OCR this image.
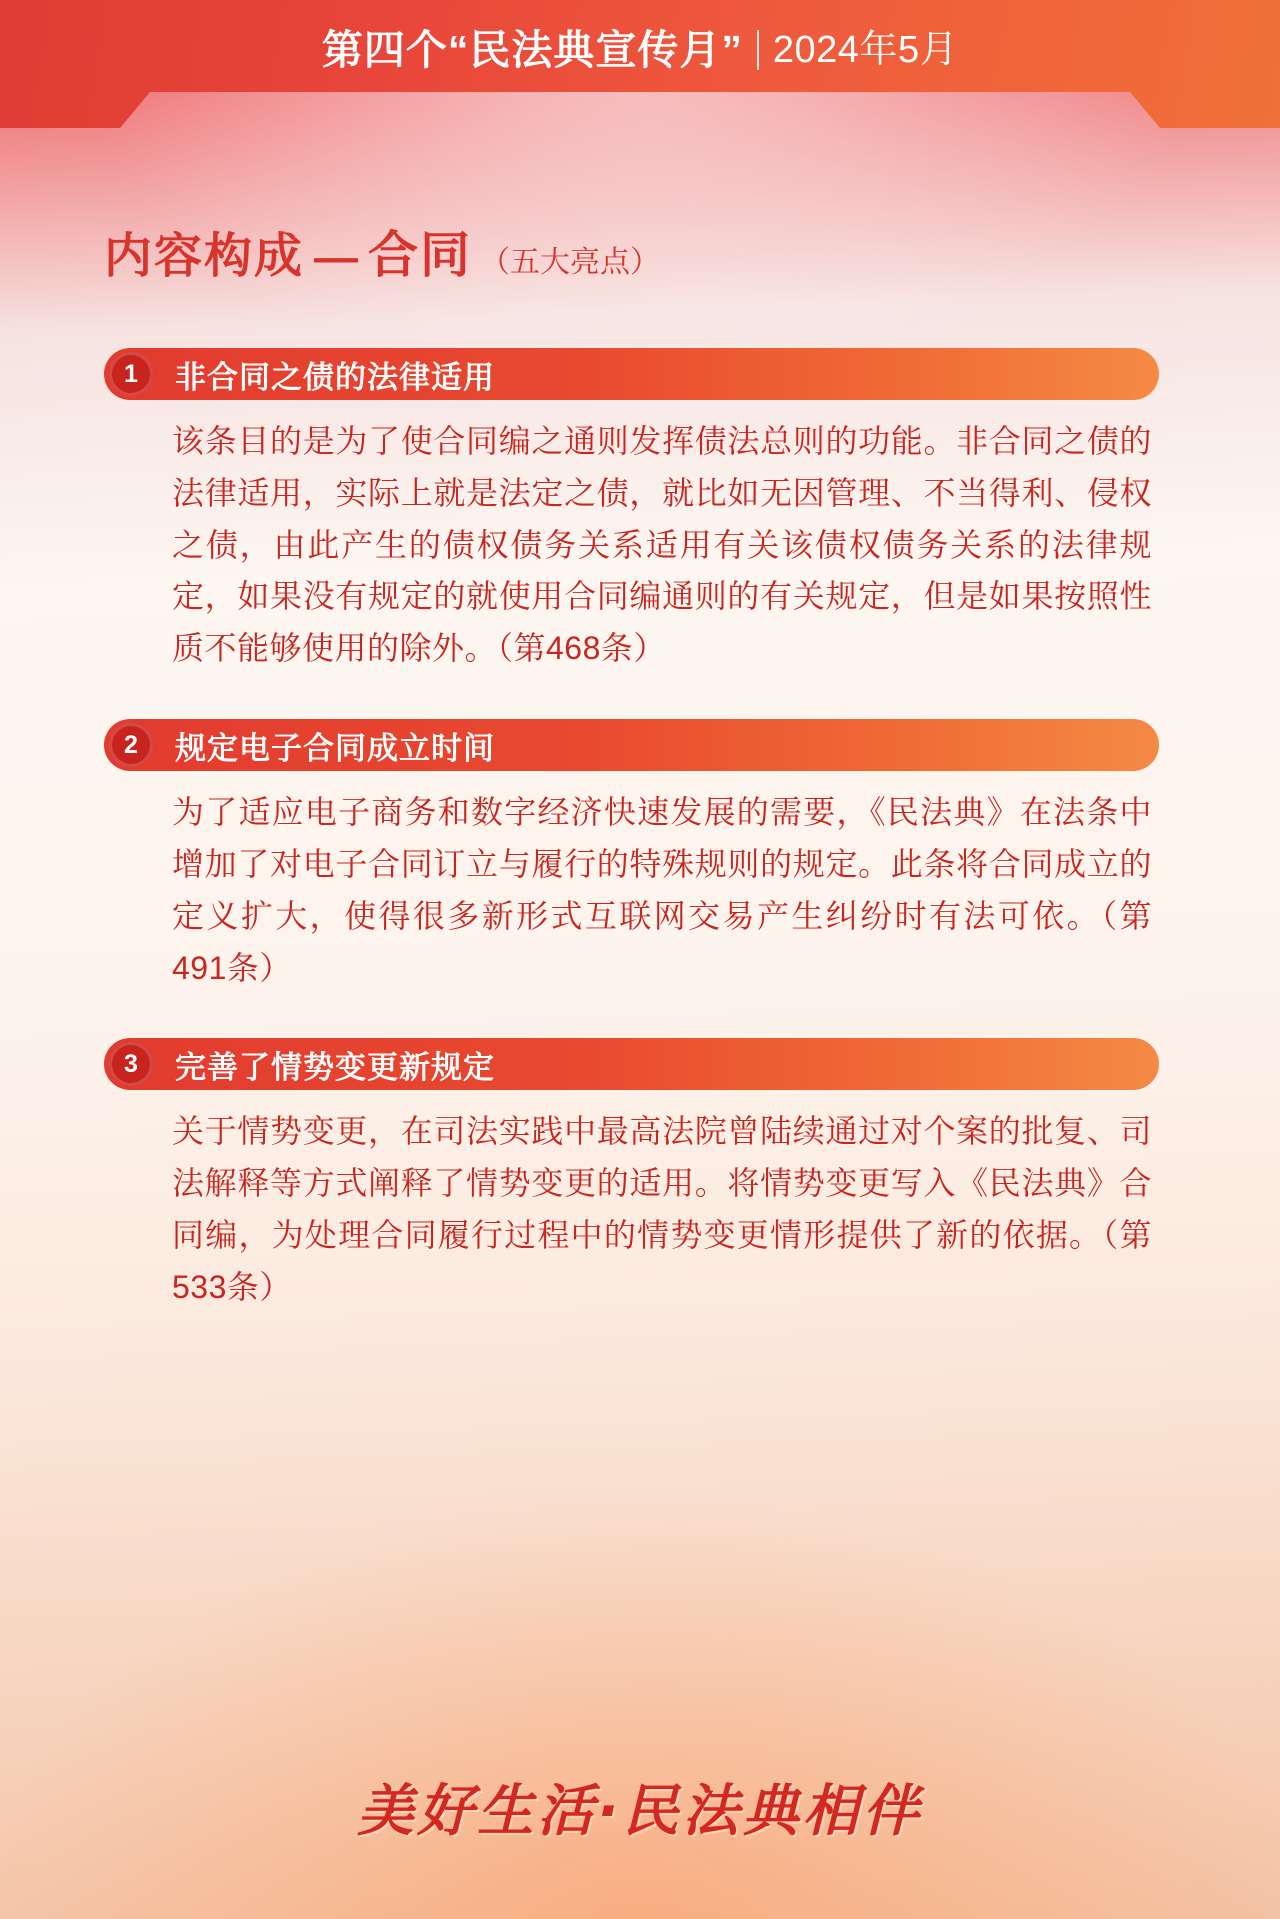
第四个“民法典宣传月” 2024年5月
内容构成 — 合同 （五大亮点）
1	非合同之债的法律适用
该条目的是为了使合同编之通则发挥债法总则的功能。非合同之债的法律适用，实际上就是法定之债，就比如无因管理、不当得利、侵权之债，由此产生的债权债务关系适用有关该债权债务关系的法律规定，如果没有规定的就使用合同编通则的有关规定，但是如果按照性质不能够使用的除外。（第468条）
2	规定电子合同成立时间
为了适应电子商务和数字经济快速发展的需要，《民法典》在法条中增加了对电子合同订立与履行的特殊规则的规定。此条将合同成立的定义扩大，使得很多新形式互联网交易产生纠纷时有法可依。（第491条）
3	完善了情势变更新规定
关于情势变更，在司法实践中最高法院曾陆续通过对个案的批复、司法解释等方式阐释了情势变更的适用。将情势变更写入《民法典》合同编，为处理合同履行过程中的情势变更情形提供了新的依据。（第533条）
美好生活·民法典相伴
